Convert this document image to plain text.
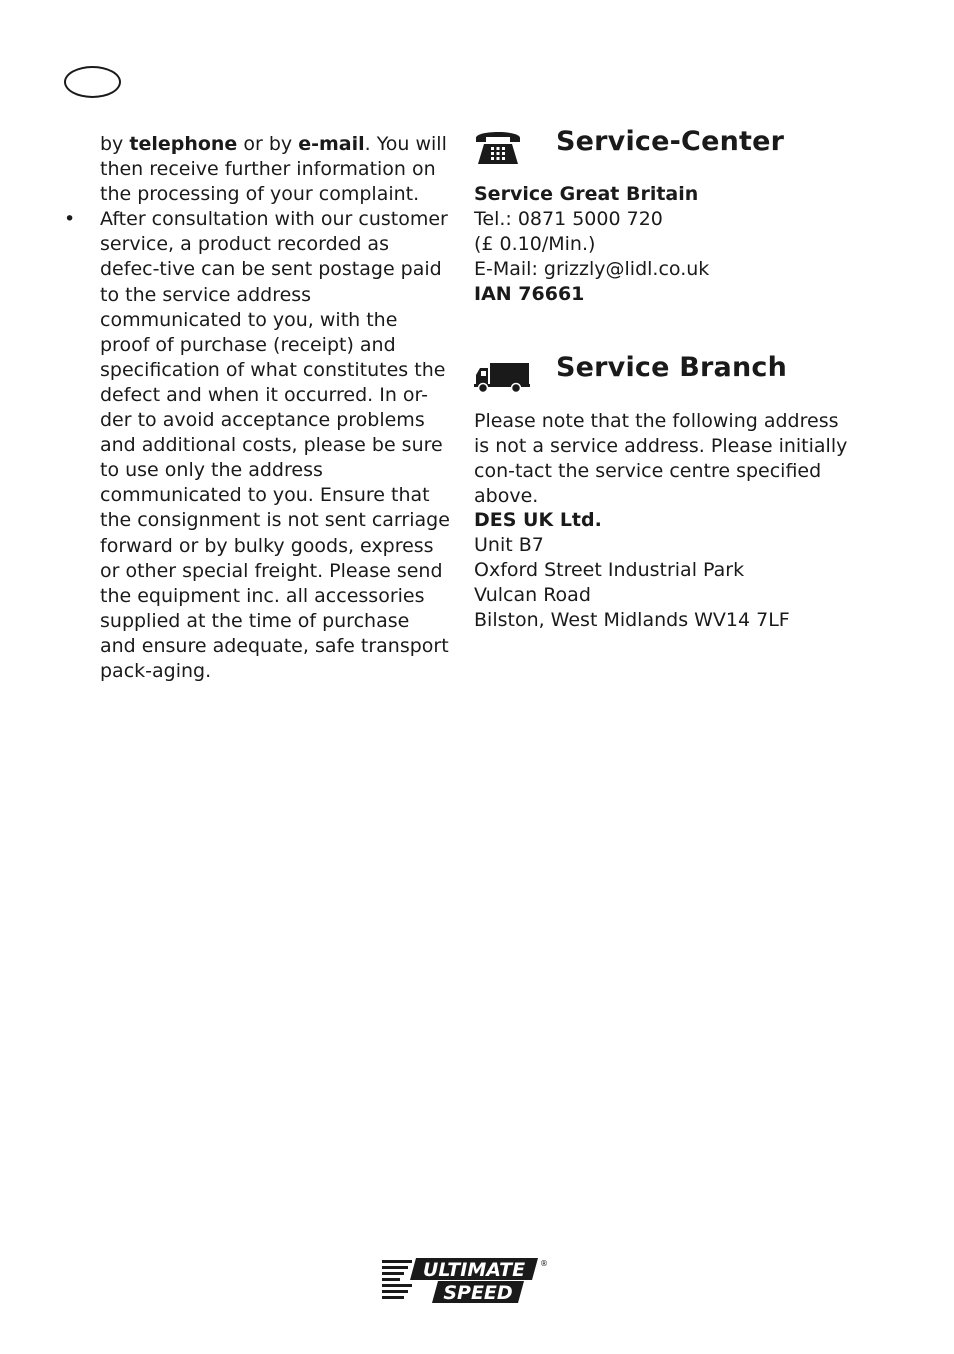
by telephone or by e-mail. You will then receive further information on the processing of your complaint.

• After consultation with our customer service, a product recorded as defec-tive can be sent postage paid to the service address communicated to you, with the proof of purchase (receipt) and specification of what constitutes the defect and when it occurred. In or-der to avoid acceptance problems and additional costs, please be sure to use only the address communicated to you. Ensure that the consignment is not sent carriage forward or by bulky goods, express or other special freight. Please send the equipment inc. all accessories supplied at the time of purchase and ensure adequate, safe transport pack-aging.

Service-Center
Service Great Britain
Tel.: 0871 5000 720
(£ 0.10/Min.)
E-Mail: grizzly@lidl.co.uk
IAN 76661
Service Branch

Please note that the following address is not a service address. Please initially con-tact the service centre specified above.

DES UK Ltd.
Unit B7
Oxford Street Industrial Park
Vulcan Road
Bilston, West Midlands WV14 7LF
ULTIMATE
SPEED
®
